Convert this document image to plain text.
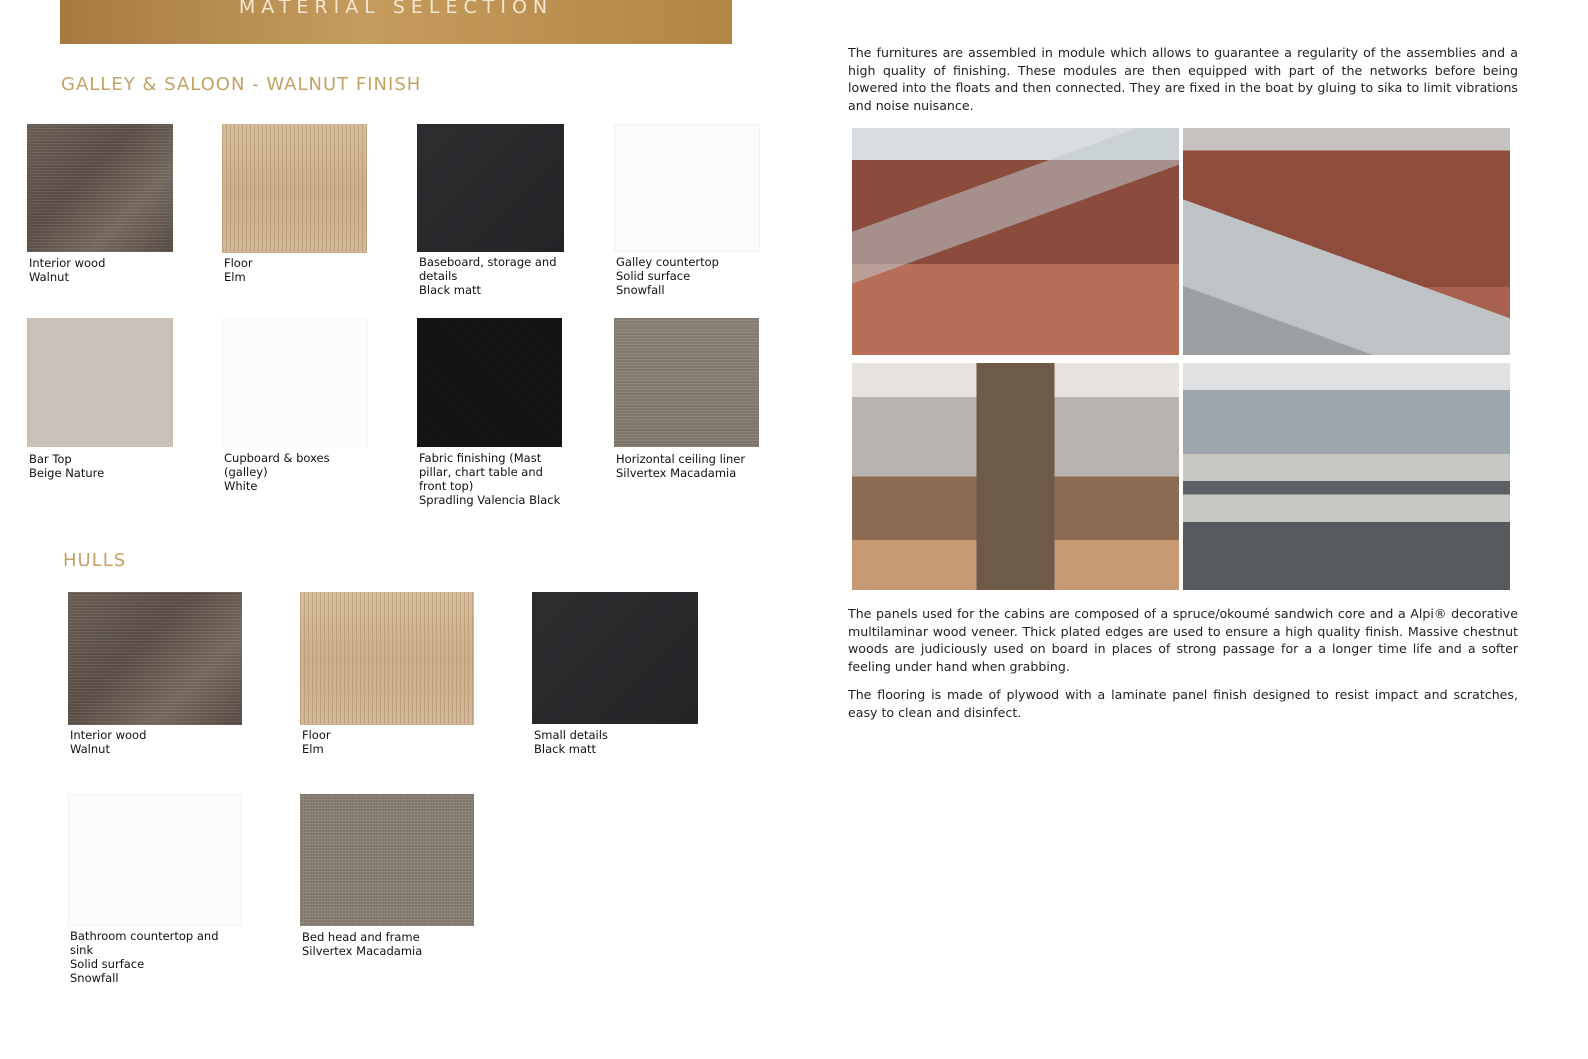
MATERIAL SELECTION
GALLEY & SALOON - WALNUT FINISH
Interior wood
Walnut
Floor
Elm
Baseboard, storage and
details
Black matt
Galley countertop
Solid surface
Snowfall
Bar Top
Beige Nature
Cupboard & boxes
(galley)
White
Fabric finishing (Mast
pillar, chart table and
front top)
Spradling Valencia Black
Horizontal ceiling liner
Silvertex Macadamia
HULLS
Interior wood
Walnut
Floor
Elm
Small details
Black matt
Bathroom countertop and
sink
Solid surface
Snowfall
Bed head and frame
Silvertex Macadamia
The furnitures are assembled in module which allows to guarantee a regularity of the assemblies and a high quality of finishing. These modules are then equipped with part of the networks before being lowered into the floats and then connected. They are fixed in the boat by gluing to sika to limit vibrations and noise nuisance.
The panels used for the cabins are composed of a spruce/okoumé sandwich core and a Alpi® decorative multilaminar wood veneer. Thick plated edges are used to ensure a high quality finish. Massive chestnut woods are judiciously used on board in places of strong passage for a a longer time life and a softer feeling under hand when grabbing.
The flooring is made of plywood with a laminate panel finish designed to resist impact and scratches, easy to clean and disinfect.
